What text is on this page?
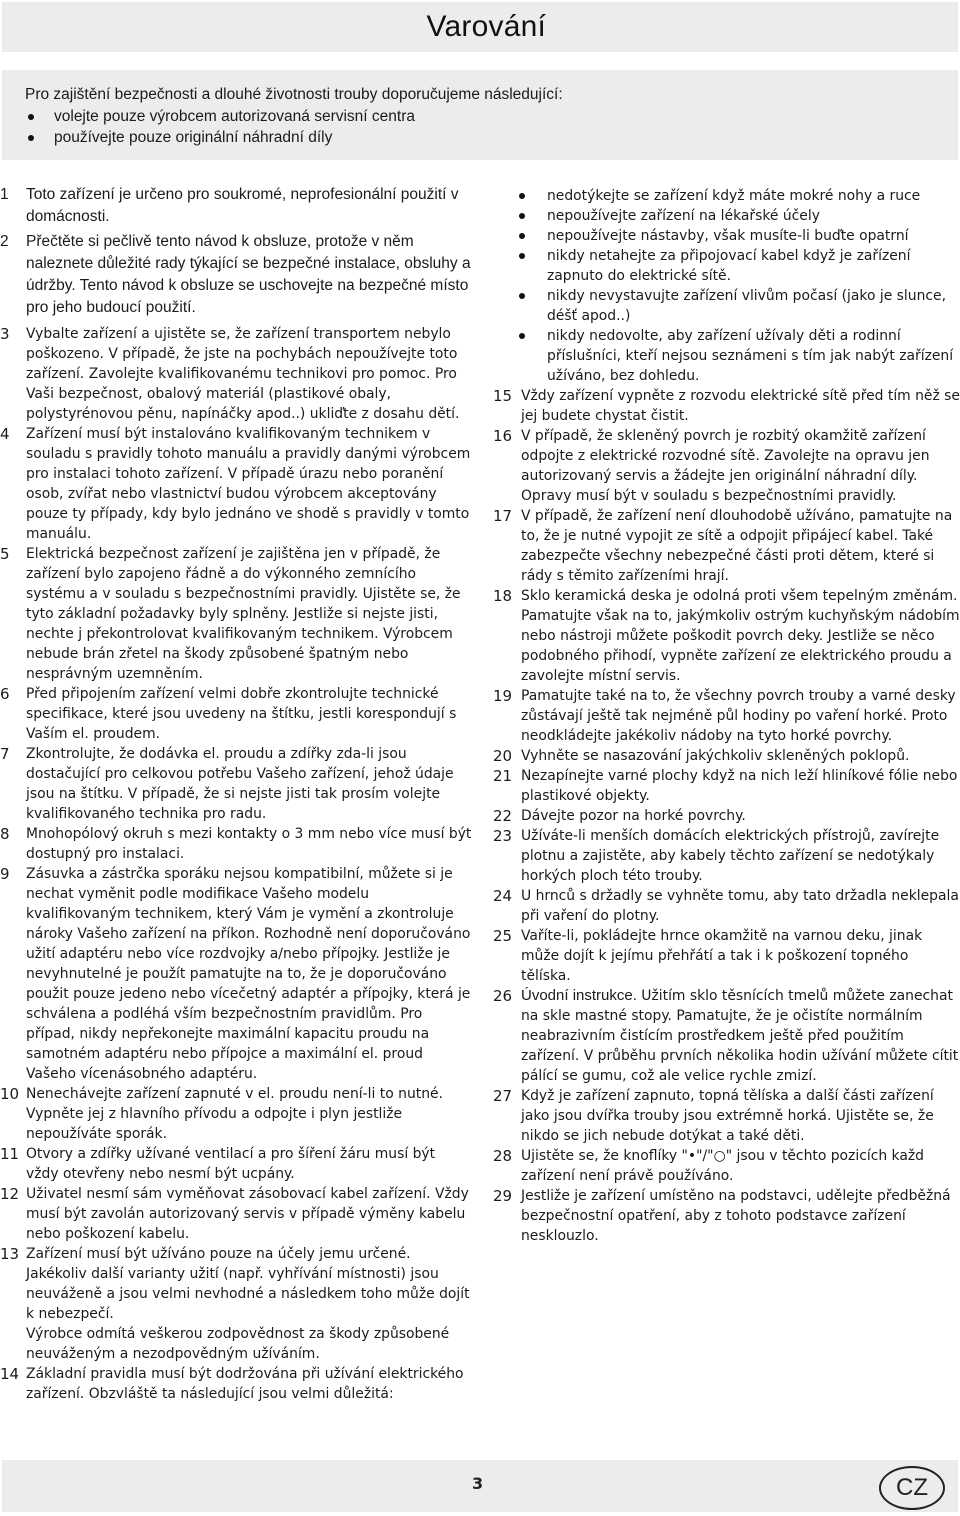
Varování
Pro zajištění bezpečnosti a dlouhé životnosti trouby doporučujeme následující:
volejte pouze výrobcem autorizovaná servisní centra
používejte pouze originální náhradní díly

1 Toto zařízení je určeno pro soukromé, neprofesionální použití v domácnosti.

2 Přečtěte si pečlivě tento návod k obsluze, protože v něm naleznete důležité rady týkající se bezpečné instalace, obsluhy a údržby. Tento návod k obsluze se uschovejte na bezpečné místo pro jeho budoucí použití.

3 Vybalte zařízení a ujistěte se, že zařízení transportem nebylo poškozeno. V případě, že jste na pochybách nepoužívejte toto zařízení. Zavolejte kvalifikovanému technikovi pro pomoc. Pro Vaši bezpečnost, obalový materiál (plastikové obaly, polystyrénovou pěnu, napínáčky apod..) ukliďte z dosahu dětí.

4 Zařízení musí být instalováno kvalifikovaným technikem v souladu s pravidly tohoto manuálu a pravidly danými výrobcem pro instalaci tohoto zařízení. V případě úrazu nebo poranění osob, zvířat nebo vlastnictví budou výrobcem akceptovány pouze ty případy, kdy bylo jednáno ve shodě s pravidly v tomto manuálu.

5 Elektrická bezpečnost zařízení je zajištěna jen v případě, že zařízení bylo zapojeno řádně a do výkonného zemnícího systému a v souladu s bezpečnostními pravidly. Ujistěte se, že tyto základní požadavky byly splněny. Jestliže si nejste jisti, nechte j překontrolovat kvalifikovaným technikem. Výrobcem nebude brán zřetel na škody způsobené špatným nebo nesprávným uzemněním.

6 Před připojením zařízení velmi dobře zkontrolujte technické specifikace, které jsou uvedeny na štítku, jestli korespondují s Vaším el. proudem.

7 Zkontrolujte, že dodávka el. proudu a zdířky zda-li jsou dostačující pro celkovou potřebu Vašeho zařízení, jehož údaje jsou na štítku. V případě, že si nejste jisti tak prosím volejte kvalifikovaného technika pro radu.

8 Mnohopólový okruh s mezi kontakty o 3 mm nebo více musí být dostupný pro instalaci.

9 Zásuvka a zástrčka sporáku nejsou kompatibilní, můžete si je nechat vyměnit podle modifikace Vašeho modelu kvalifikovaným technikem, který Vám je vymění a zkontroluje nároky Vašeho zařízení na příkon. Rozhodně není doporučováno užití adaptéru nebo více rozdvojky a/nebo přípojky. Jestliže je nevyhnutelné je použít pamatujte na to, že je doporučováno použit pouze jedeno nebo vícečetný adaptér a přípojky, která je schválena a podléhá vším bezpečnostním pravidlům. Pro případ, nikdy nepřekonejte maximální kapacitu proudu na samotném adaptéru nebo přípojce a maximální el. proud Vašeho vícenásobného adaptéru.

10 Nenechávejte zařízení zapnuté v el. proudu není-li to nutné. Vypněte jej z hlavního přívodu a odpojte i plyn jestliže nepoužíváte sporák.

11 Otvory a zdířky užívané ventilací a pro šíření žáru musí být vždy otevřeny nebo nesmí být ucpány.

12 Uživatel nesmí sám vyměňovat zásobovací kabel zařízení. Vždy musí být zavolán autorizovaný servis v případě výměny kabelu nebo poškození kabelu.

13 Zařízení musí být užíváno pouze na účely jemu určené. Jakékoliv další varianty užití (např. vyhřívání místnosti) jsou neuváženě a jsou velmi nevhodné a následkem toho může dojít k nebezpečí.
Výrobce odmítá veškerou zodpovědnost za škody způsobené neuváženým a nezodpovědným užíváním.

14 Základní pravidla musí být dodržována při užívání elektrického zařízení. Obzvláště ta následující jsou velmi důležitá:

nedotýkejte se zařízení když máte mokré nohy a ruce
nepoužívejte zařízení na lékařské účely
nepoužívejte nástavby, však musíte-li buďte opatrní
nikdy netahejte za připojovací kabel když je zařízení zapnuto do elektrické sítě.
nikdy nevystavujte zařízení vlivům počasí (jako je slunce, déšť apod..)
nikdy nedovolte, aby zařízení užívaly děti a rodinní příslušníci, kteří nejsou seznámeni s tím jak nabýt zařízení užíváno, bez dohledu.

15 Vždy zařízení vypněte z rozvodu elektrické sítě před tím něž se jej budete chystat čistit.

16 V případě, že skleněný povrch je rozbitý okamžitě zařízení odpojte z elektrické rozvodné sítě. Zavolejte na opravu jen autorizovaný servis a žádejte jen originální náhradní díly. Opravy musí být v souladu s bezpečnostními pravidly.

17 V případě, že zařízení není dlouhodobě užíváno, pamatujte na to, že je nutné vypojit ze sítě a odpojit připájecí kabel. Také zabezpečte všechny nebezpečné části proti dětem, které si rády s těmito zařízeními hrají.

18 Sklo keramická deska je odolná proti všem tepelným změnám. Pamatujte však na to, jakýmkoliv ostrým kuchyňským nádobím nebo nástroji můžete poškodit povrch deky. Jestliže se něco podobného přihodí, vypněte zařízení ze elektrického proudu a zavolejte místní servis.

19 Pamatujte také na to, že všechny povrch trouby a varné desky zůstávají ještě tak nejméně půl hodiny po vaření horké. Proto neodkládejte jakékoliv nádoby na tyto horké povrchy.

20 Vyhněte se nasazování jakýchkoliv skleněných poklopů.

21 Nezapínejte varné plochy když na nich leží hliníkové fólie nebo plastikové objekty.

22 Dávejte pozor na horké povrchy.

23 Užíváte-li menších domácích elektrických přístrojů, zavírejte plotnu a zajistěte, aby kabely těchto zařízení se nedotýkaly horkých ploch této trouby.

24 U hrnců s držadly se vyhněte tomu, aby tato držadla neklepala při vaření do plotny.

25 Vaříte-li, pokládejte hrnce okamžitě na varnou deku, jinak může dojít k jejímu přehřátí a tak i k poškození topného tělíska.

26 Úvodní instrukce. Užitím sklo těsnících tmelů můžete zanechat na skle mastné stopy. Pamatujte, že je očistíte normálním neabrazivním čistícím prostředkem ještě před použitím zařízení. V průběhu prvních několika hodin užívání můžete cítit pálící se gumu, což ale velice rychle zmizí.

27 Když je zařízení zapnuto, topná tělíska a další části zařízení jako jsou dvířka trouby jsou extrémně horká. Ujistěte se, že nikdo se jich nebude dotýkat a také děti.

28 Ujistěte se, že knoflíky "•"/"○" jsou v těchto pozicích každ zařízení není právě používáno.

29 Jestliže je zařízení umístěno na podstavci, udělejte předběžná bezpečnostní opatření, aby z tohoto podstavce zařízení nesklouzlo.

3	CZ
